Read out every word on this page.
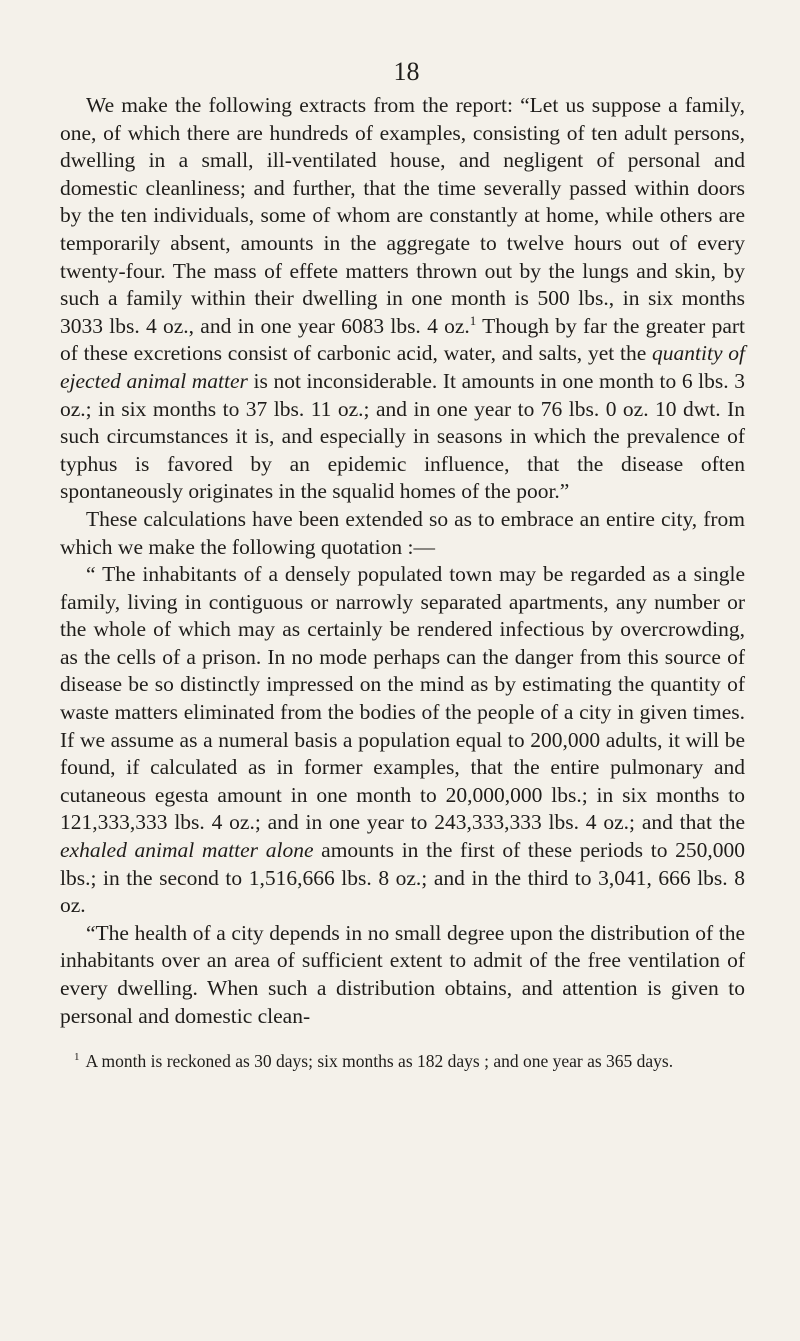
18

We make the following extracts from the report: “Let us suppose a family, one, of which there are hundreds of examples, consisting of ten adult persons, dwelling in a small, ill-ventilated house, and negligent of personal and domestic cleanliness; and further, that the time severally passed within doors by the ten individuals, some of whom are constantly at home, while others are temporarily absent, amounts in the aggregate to twelve hours out of every twenty-four. The mass of effete matters thrown out by the lungs and skin, by such a family within their dwelling in one month is 500 lbs., in six months 3033 lbs. 4 oz., and in one year 6083 lbs. 4 oz.$^1$ Though by far the greater part of these excretions consist of carbonic acid, water, and salts, yet the quantity of ejected animal matter is not inconsiderable. It amounts in one month to 6 lbs. 3 oz.; in six months to 37 lbs. 11 oz.; and in one year to 76 lbs. 0 oz. 10 dwt. In such circumstances it is, and especially in seasons in which the prevalence of typhus is favored by an epidemic influence, that the disease often spontaneously originates in the squalid homes of the poor.”

These calculations have been extended so as to embrace an entire city, from which we make the following quotation :—

“ The inhabitants of a densely populated town may be regarded as a single family, living in contiguous or narrowly separated apartments, any number or the whole of which may as certainly be rendered infectious by overcrowding, as the cells of a prison. In no mode perhaps can the danger from this source of disease be so distinctly impressed on the mind as by estimating the quantity of waste matters eliminated from the bodies of the people of a city in given times. If we assume as a numeral basis a population equal to 200,000 adults, it will be found, if calculated as in former examples, that the entire pulmonary and cutaneous egesta amount in one month to 20,000,000 lbs.; in six months to 121,333,333 lbs. 4 oz.; and in one year to 243,333,333 lbs. 4 oz.; and that the exhaled animal matter alone amounts in the first of these periods to 250,000 lbs.; in the second to 1,516,666 lbs. 8 oz.; and in the third to 3,041, 666 lbs. 8 oz.

“The health of a city depends in no small degree upon the distribution of the inhabitants over an area of sufficient extent to admit of the free ventilation of every dwelling. When such a distribution obtains, and attention is given to personal and domestic clean-

$^1$ A month is reckoned as 30 days; six months as 182 days ; and one year as 365 days.
